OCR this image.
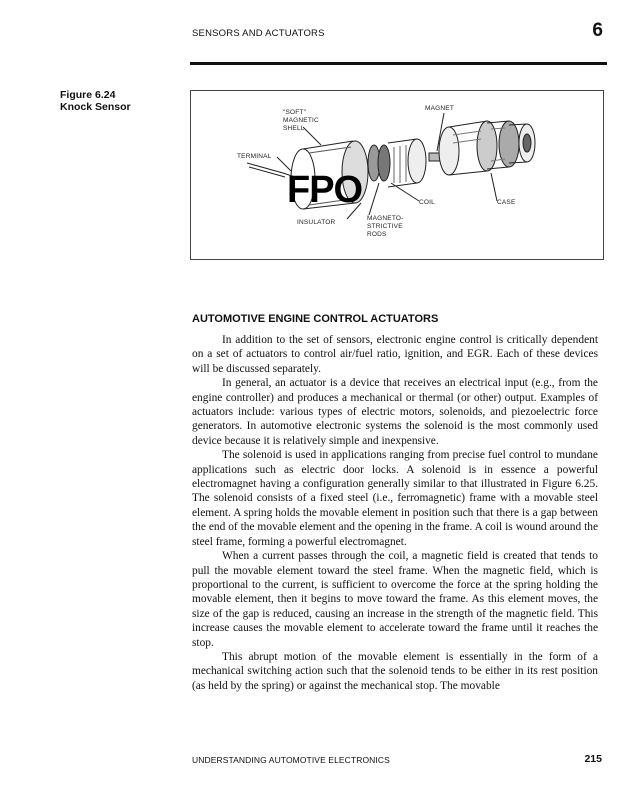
SENSORS AND ACTUATORS	6
Figure 6.24
Knock Sensor	"SOFT"
MAGNETIC
SHELL
MAGNET
TERMINAL
COIL	CASE
INSULATOR
MAGNETO-
STRICTIVE
RODS
FPO
AUTOMOTIVE ENGINE CONTROL ACTUATORS

In addition to the set of sensors, electronic engine control is critically dependent on a set of actuators to control air/fuel ratio, ignition, and EGR. Each of these devices will be discussed separately.

In general, an actuator is a device that receives an electrical input (e.g., from the engine controller) and produces a mechanical or thermal (or other) output. Examples of actuators include: various types of electric motors, solenoids, and piezoelectric force generators. In automotive electronic systems the solenoid is the most commonly used device because it is relatively simple and inexpensive.

The solenoid is used in applications ranging from precise fuel control to mundane applications such as electric door locks. A solenoid is in essence a powerful electromagnet having a configuration generally similar to that illustrated in Figure 6.25. The solenoid consists of a fixed steel (i.e., ferromagnetic) frame with a movable steel element. A spring holds the movable element in position such that there is a gap between the end of the movable element and the opening in the frame. A coil is wound around the steel frame, forming a powerful electromagnet.

When a current passes through the coil, a magnetic field is created that tends to pull the movable element toward the steel frame. When the magnetic field, which is proportional to the current, is sufficient to overcome the force at the spring holding the movable element, then it begins to move toward the frame. As this element moves, the size of the gap is reduced, causing an increase in the strength of the magnetic field. This increase causes the movable element to accelerate toward the frame until it reaches the stop.

This abrupt motion of the movable element is essentially in the form of a mechanical switching action such that the solenoid tends to be either in its rest position (as held by the spring) or against the mechanical stop. The movable

UNDERSTANDING AUTOMOTIVE ELECTRONICS	215
